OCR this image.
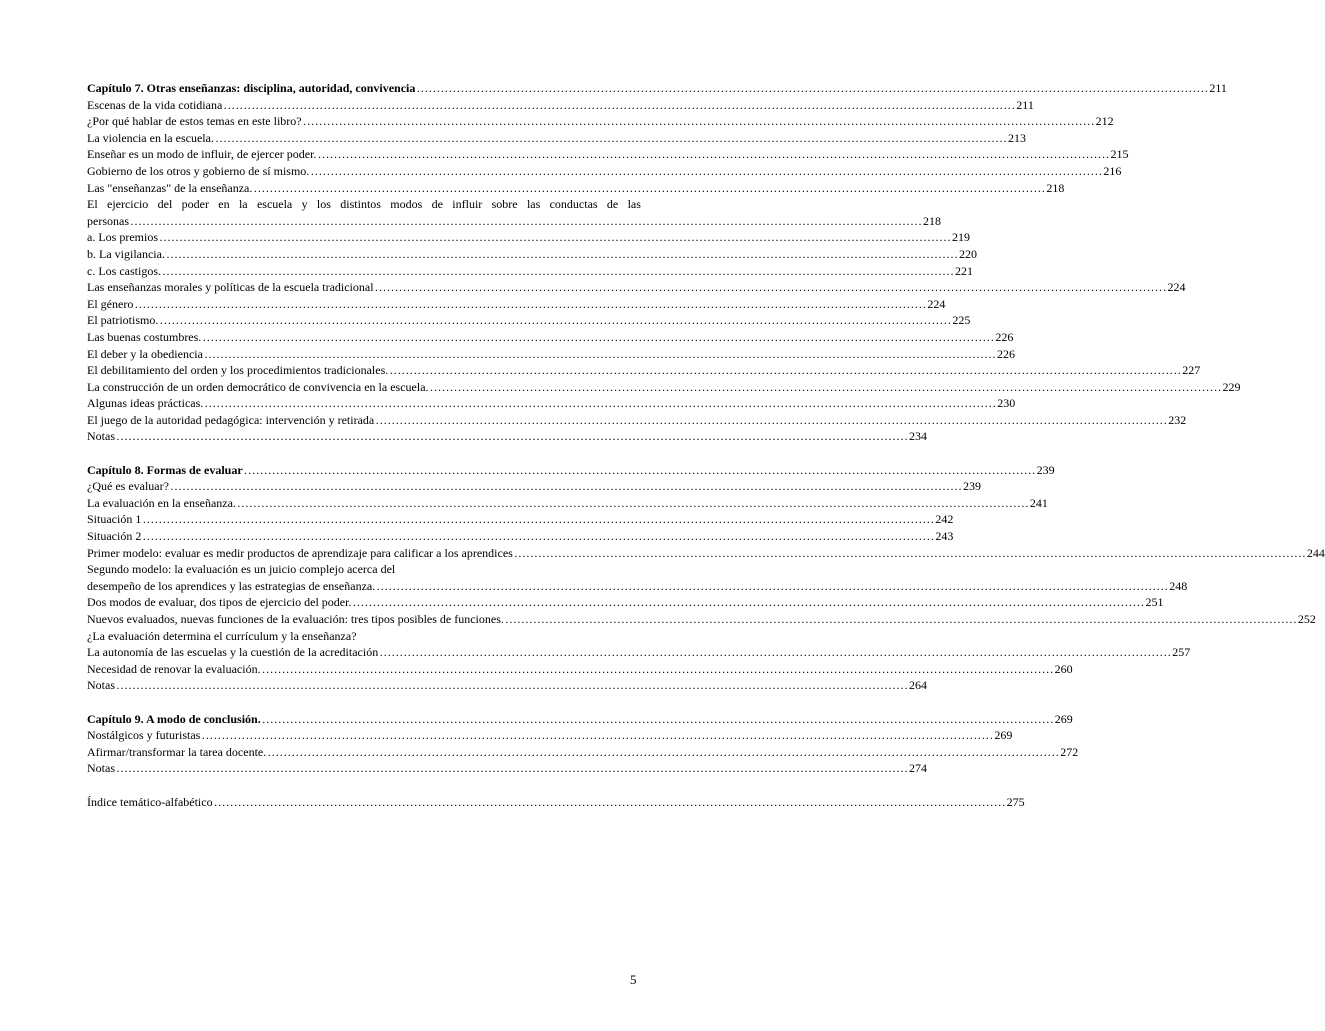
Capítulo 7. Otras enseñanzas: disciplina, autoridad, convivencia ………………………………………………………………………………………………………………………………………………………………………………	211
Escenas de la vida cotidiana ………………………………………………………………………………………………………………………………………………………………………………	211
¿Por qué hablar de estos temas en este libro? ………………………………………………………………………………………………………………………………………………………………………………	212
La violencia en la escuela. ………………………………………………………………………………………………………………………………………………………………………………	213
Enseñar es un modo de influir, de ejercer poder. ………………………………………………………………………………………………………………………………………………………………………………	215
Gobierno de los otros y gobierno de sí mismo. ………………………………………………………………………………………………………………………………………………………………………………	216
Las "enseñanzas" de la enseñanza. ………………………………………………………………………………………………………………………………………………………………………………	218
El ejercicio del poder en la escuela y los distintos modos de influir sobre las conductas de las
personas ………………………………………………………………………………………………………………………………………………………………………………	218
a. Los premios ………………………………………………………………………………………………………………………………………………………………………………	219
b. La vigilancia. ………………………………………………………………………………………………………………………………………………………………………………	220
c. Los castigos. ………………………………………………………………………………………………………………………………………………………………………………	221
Las enseñanzas morales y políticas de la escuela tradicional ………………………………………………………………………………………………………………………………………………………………………………	224
El género ………………………………………………………………………………………………………………………………………………………………………………	224
El patriotismo. ………………………………………………………………………………………………………………………………………………………………………………	225
Las buenas costumbres. ………………………………………………………………………………………………………………………………………………………………………………	226
El deber y la obediencia ………………………………………………………………………………………………………………………………………………………………………………	226
El debilitamiento del orden y los procedimientos tradicionales. ………………………………………………………………………………………………………………………………………………………………………………	227
La construcción de un orden democrático de convivencia en la escuela. ………………………………………………………………………………………………………………………………………………………………………………	229
Algunas ideas prácticas. ………………………………………………………………………………………………………………………………………………………………………………	230
El juego de la autoridad pedagógica: intervención y retirada ………………………………………………………………………………………………………………………………………………………………………………	232
Notas ………………………………………………………………………………………………………………………………………………………………………………	234
Capítulo 8. Formas de evaluar ………………………………………………………………………………………………………………………………………………………………………………	239
¿Qué es evaluar? ………………………………………………………………………………………………………………………………………………………………………………	239
La evaluación en la enseñanza. ………………………………………………………………………………………………………………………………………………………………………………	241
Situación 1 ………………………………………………………………………………………………………………………………………………………………………………	242
Situación 2 ………………………………………………………………………………………………………………………………………………………………………………	243
Primer modelo: evaluar es medir productos de aprendizaje para calificar a los aprendices ………………………………………………………………………………………………………………………………………………………………………………	244
Segundo modelo: la evaluación es un juicio complejo acerca del
desempeño de los aprendices y las estrategias de enseñanza. ………………………………………………………………………………………………………………………………………………………………………………	248
Dos modos de evaluar, dos tipos de ejercicio del poder. ………………………………………………………………………………………………………………………………………………………………………………	251
Nuevos evaluados, nuevas funciones de la evaluación: tres tipos posibles de funciones. ………………………………………………………………………………………………………………………………………………………………………………	252
¿La evaluación determina el currículum y la enseñanza?
La autonomía de las escuelas y la cuestión de la acreditación ………………………………………………………………………………………………………………………………………………………………………………	257
Necesidad de renovar la evaluación. ………………………………………………………………………………………………………………………………………………………………………………	260
Notas ………………………………………………………………………………………………………………………………………………………………………………	264
Capítulo 9. A modo de conclusión. ………………………………………………………………………………………………………………………………………………………………………………	269
Nostálgicos y futuristas ………………………………………………………………………………………………………………………………………………………………………………	269
Afirmar/transformar la tarea docente. ………………………………………………………………………………………………………………………………………………………………………………	272
Notas ………………………………………………………………………………………………………………………………………………………………………………	274
Índice temático-alfabético ………………………………………………………………………………………………………………………………………………………………………………	275
5
